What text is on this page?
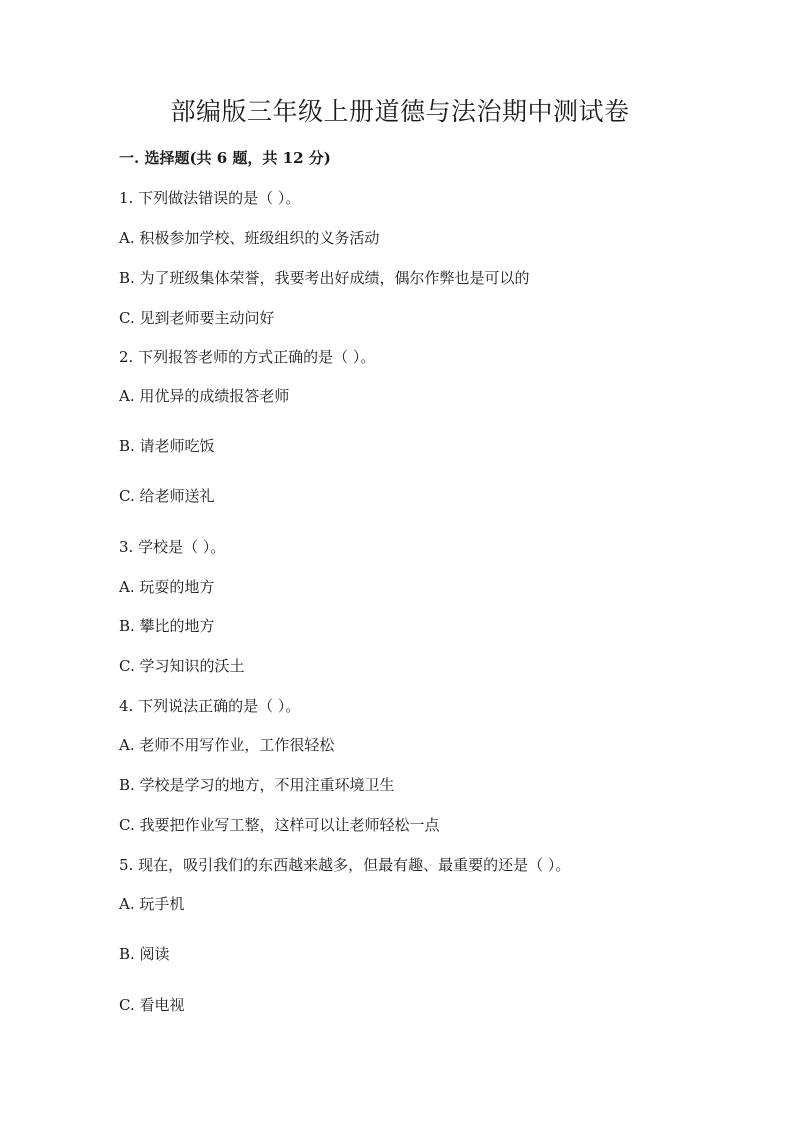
部编版三年级上册道德与法治期中测试卷
一. 选择题(共 6 题，共 12 分)
1. 下列做法错误的是（ ）。
A. 积极参加学校、班级组织的义务活动
B. 为了班级集体荣誉，我要考出好成绩，偶尔作弊也是可以的
C. 见到老师要主动问好
2. 下列报答老师的方式正确的是（ ）。
A. 用优异的成绩报答老师
B. 请老师吃饭
C. 给老师送礼
3. 学校是（ ）。
A. 玩耍的地方
B. 攀比的地方
C. 学习知识的沃土
4. 下列说法正确的是（ ）。
A. 老师不用写作业，工作很轻松
B. 学校是学习的地方，不用注重环境卫生
C. 我要把作业写工整，这样可以让老师轻松一点
5. 现在，吸引我们的东西越来越多，但最有趣、最重要的还是（ ）。
A. 玩手机
B. 阅读
C. 看电视
